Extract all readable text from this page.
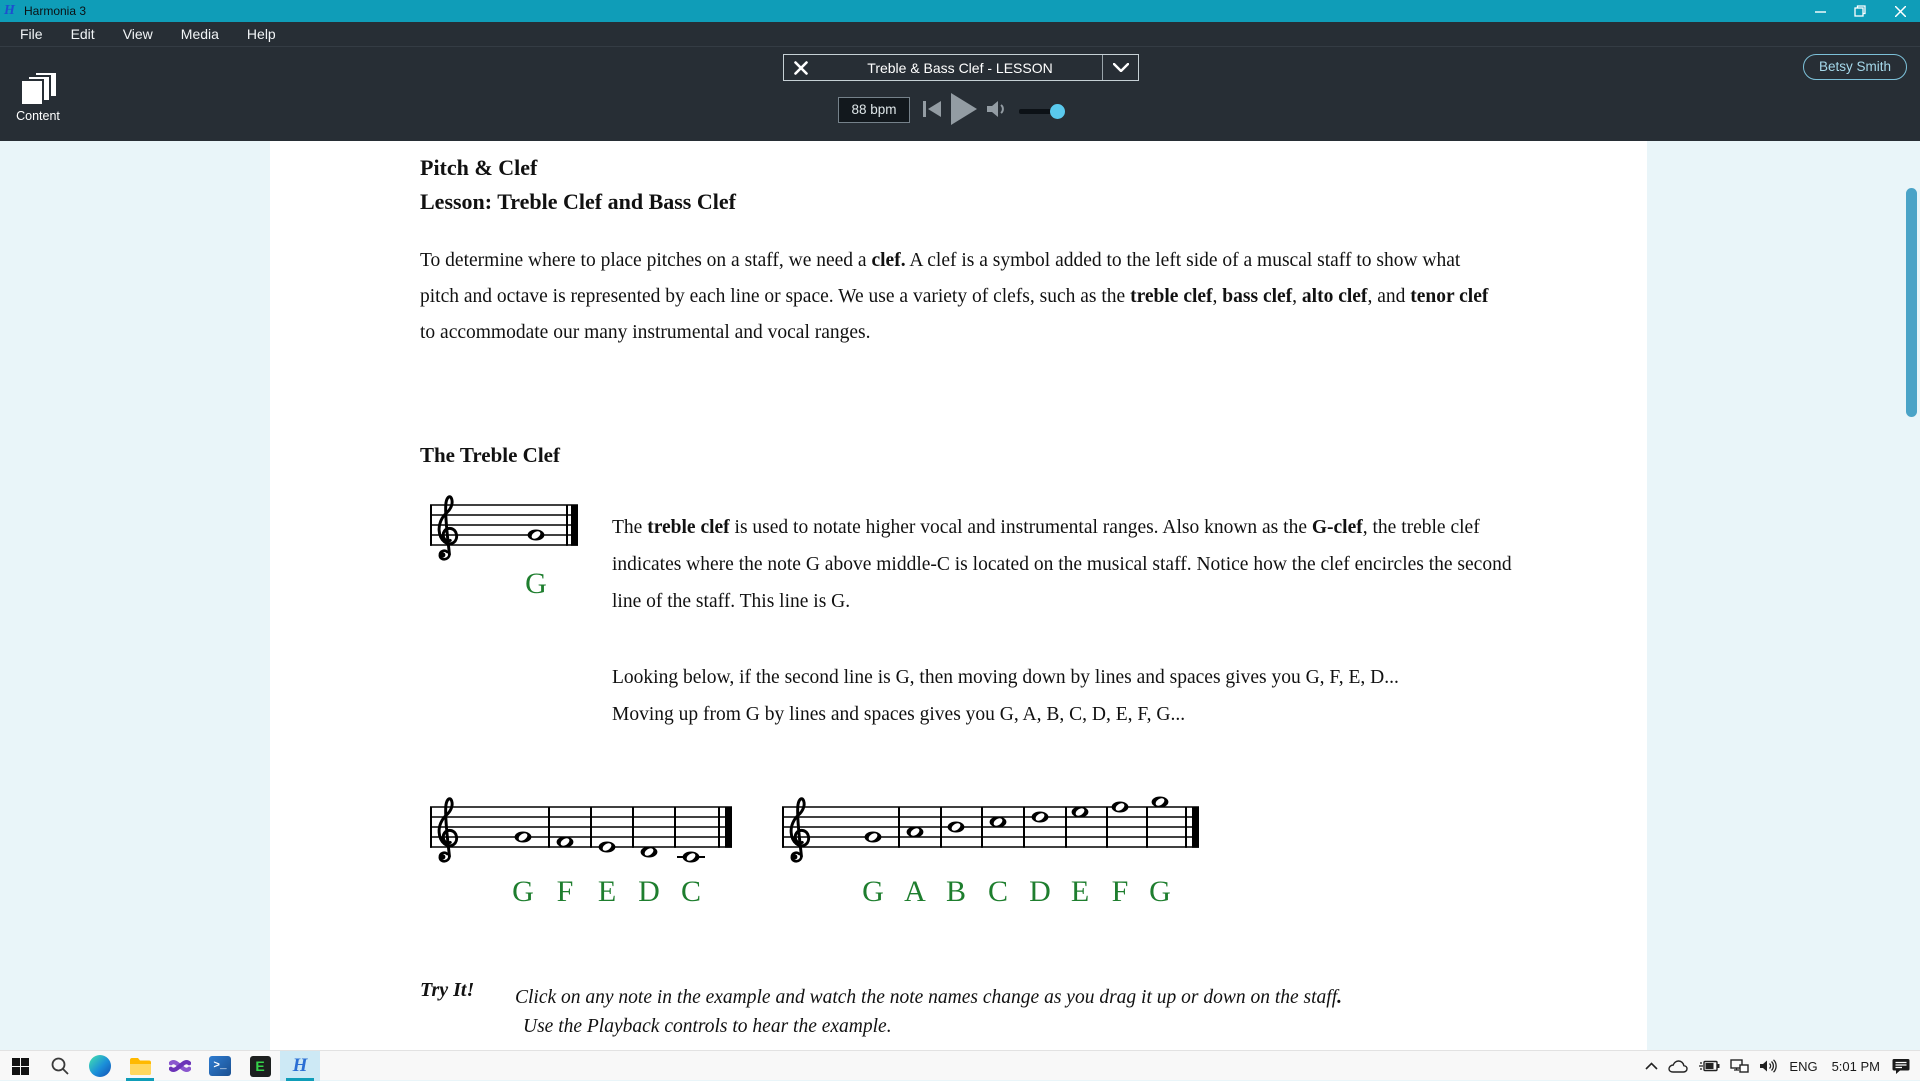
H Harmonia 3
File	Edit	View	Media	Help
Content
Treble & Bass Clef - LESSON	Betsy Smith
88 bpm
Pitch & Clef
Lesson: Treble Clef and Bass Clef
To determine where to place pitches on a staff, we need a clef. A clef is a symbol added to the left side of a muscal staff to show what pitch and octave is represented by each line or space. We use a variety of clefs, such as the treble clef, bass clef, alto clef, and tenor clef to accommodate our many instrumental and vocal ranges.
The Treble Clef
G
The treble clef is used to notate higher vocal and instrumental ranges. Also known as the G-clef, the treble clef indicates where the note G above middle-C is located on the musical staff. Notice how the clef encircles the second line of the staff. This line is G.
Looking below, if the second line is G, then moving down by lines and spaces gives you G, F, E, D...
Moving up from G by lines and spaces gives you G, A, B, C, D, E, F, G...
G F E D C	G A B C D E F G
Try It! Click on any note in the example and watch the note names change as you drag it up or down on the staff.
Use the Playback controls to hear the example.
>_	E	H	ENG	5:01 PM
